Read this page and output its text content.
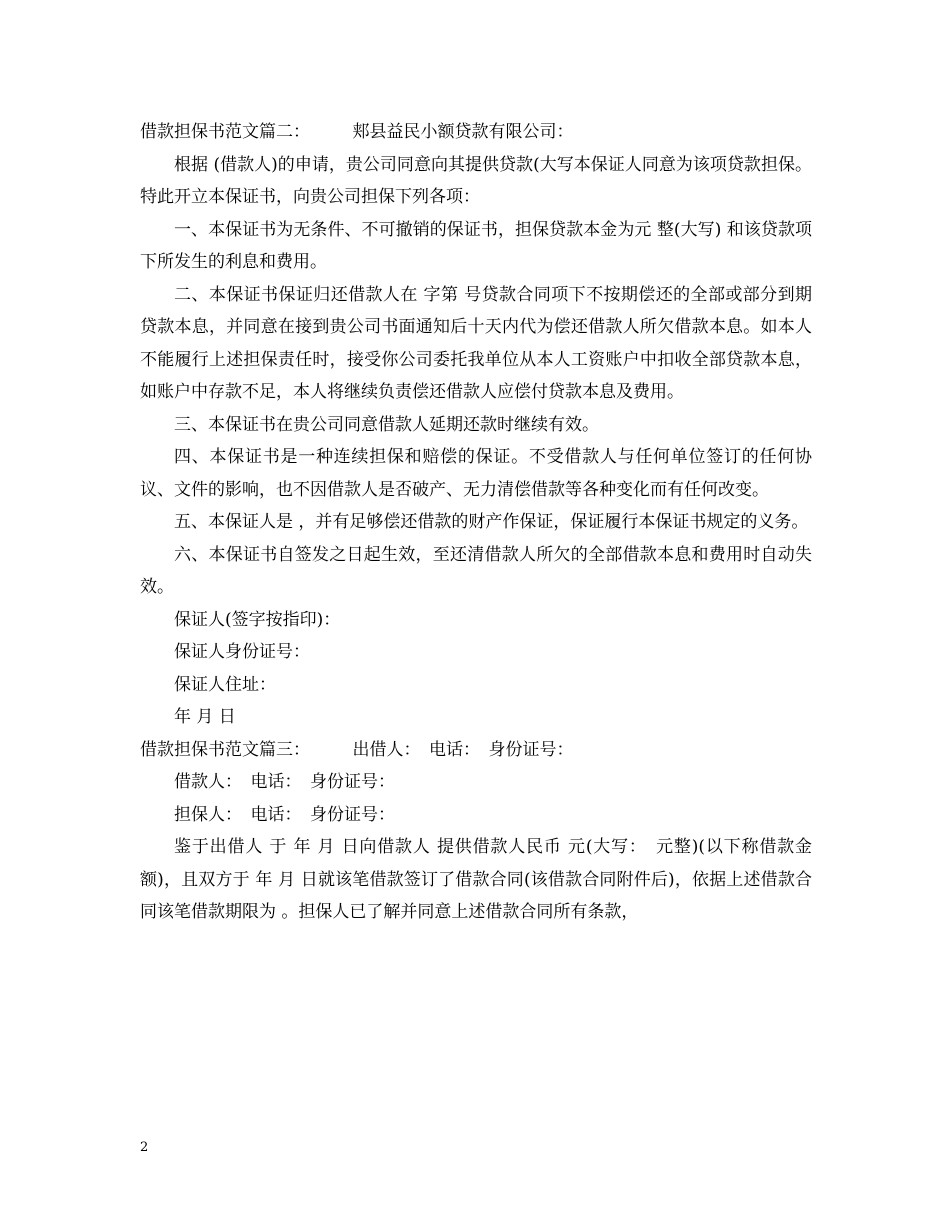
借款担保书范文篇二：　　　郏县益民小额贷款有限公司：

根据 (借款人)的申请，贵公司同意向其提供贷款(大写本保证人同意为该项贷款担保。特此开立本保证书，向贵公司担保下列各项：

一、本保证书为无条件、不可撤销的保证书，担保贷款本金为元 整(大写) 和该贷款项下所发生的利息和费用。

二、本保证书保证归还借款人在 字第 号贷款合同项下不按期偿还的全部或部分到期贷款本息，并同意在接到贵公司书面通知后十天内代为偿还借款人所欠借款本息。如本人不能履行上述担保责任时，接受你公司委托我单位从本人工资账户中扣收全部贷款本息，如账户中存款不足，本人将继续负责偿还借款人应偿付贷款本息及费用。

三、本保证书在贵公司同意借款人延期还款时继续有效。

四、本保证书是一种连续担保和赔偿的保证。不受借款人与任何单位签订的任何协议、文件的影响，也不因借款人是否破产、无力清偿借款等各种变化而有任何改变。

五、本保证人是 ，并有足够偿还借款的财产作保证，保证履行本保证书规定的义务。

六、本保证书自签发之日起生效，至还清借款人所欠的全部借款本息和费用时自动失效。

保证人(签字按指印)：

保证人身份证号：

保证人住址：

年 月 日

借款担保书范文篇三：　　　出借人：　电话：　身份证号：

借款人：　电话：　身份证号：

担保人：　电话：　身份证号：

鉴于出借人 于 年 月 日向借款人 提供借款人民币 元(大写：　元整)(以下称借款金额)，且双方于 年 月 日就该笔借款签订了借款合同(该借款合同附件后)，依据上述借款合同该笔借款期限为 。担保人已了解并同意上述借款合同所有条款，

2
